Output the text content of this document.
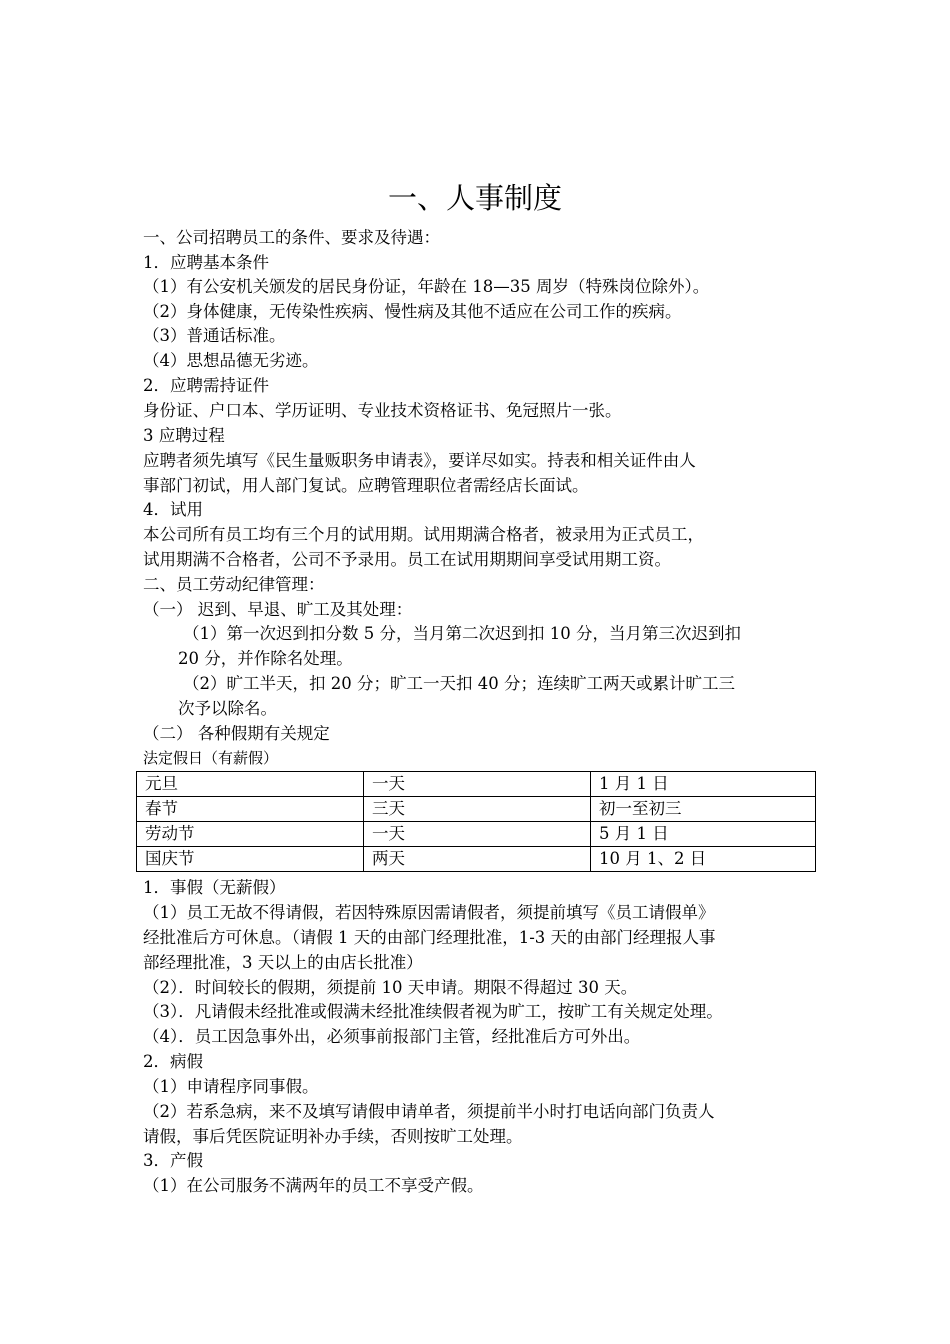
一、人事制度
一、公司招聘员工的条件、要求及待遇：
1．应聘基本条件
（1）有公安机关颁发的居民身份证，年龄在 18—35 周岁（特殊岗位除外）。
（2）身体健康，无传染性疾病、慢性病及其他不适应在公司工作的疾病。
（3）普通话标准。
（4）思想品德无劣迹。
2．应聘需持证件
身份证、户口本、学历证明、专业技术资格证书、免冠照片一张。
3 应聘过程
应聘者须先填写《民生量贩职务申请表》，要详尽如实。持表和相关证件由人
事部门初试，用人部门复试。应聘管理职位者需经店长面试。
4．试用
本公司所有员工均有三个月的试用期。试用期满合格者，被录用为正式员工，
试用期满不合格者，公司不予录用。员工在试用期期间享受试用期工资。
二、员工劳动纪律管理：
（一） 迟到、早退、旷工及其处理：
（1）第一次迟到扣分数 5 分，当月第二次迟到扣 10 分，当月第三次迟到扣
20 分，并作除名处理。
（2）旷工半天，扣 20 分；旷工一天扣 40 分；连续旷工两天或累计旷工三
次予以除名。
（二） 各种假期有关规定
法定假日（有薪假）
元旦	一天	1 月 1 日
春节	三天	初一至初三
劳动节	一天	5 月 1 日
国庆节	两天	10 月 1、2 日
1．事假（无薪假）
（1）员工无故不得请假，若因特殊原因需请假者，须提前填写《员工请假单》
经批准后方可休息。（请假 1 天的由部门经理批准，1-3 天的由部门经理报人事
部经理批准，3 天以上的由店长批准）
（2）．时间较长的假期，须提前 10 天申请。期限不得超过 30 天。
（3）．凡请假未经批准或假满未经批准续假者视为旷工，按旷工有关规定处理。
（4）．员工因急事外出，必须事前报部门主管，经批准后方可外出。
2．病假
（1）申请程序同事假。
（2）若系急病，来不及填写请假申请单者，须提前半小时打电话向部门负责人
请假，事后凭医院证明补办手续，否则按旷工处理。
3．产假
（1）在公司服务不满两年的员工不享受产假。
